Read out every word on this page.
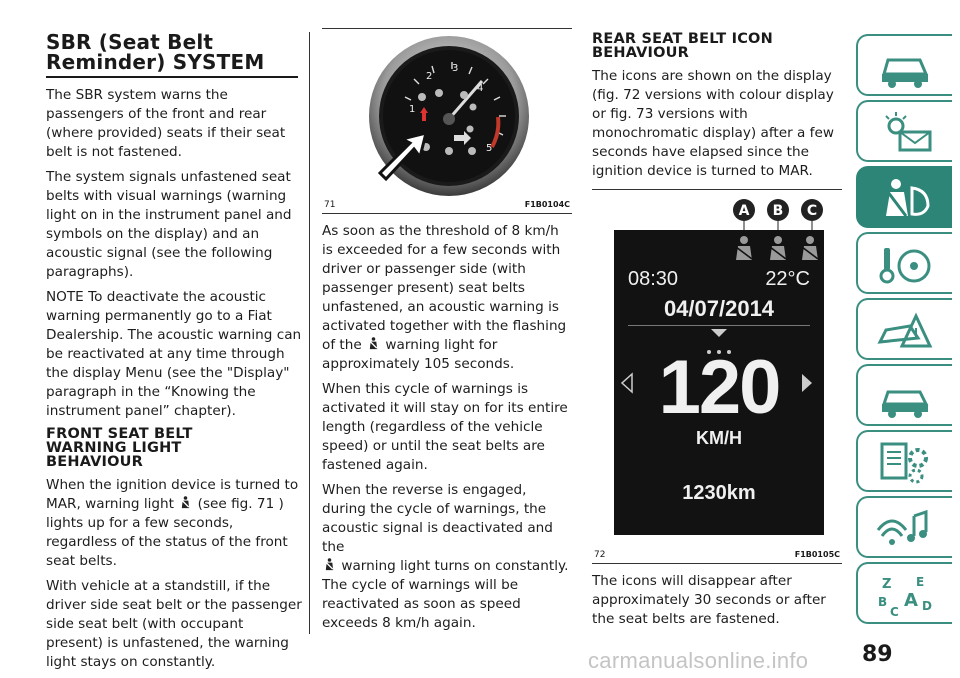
SBR (Seat Belt
Reminder) SYSTEM

The SBR system warns the passengers of the front and rear (where provided) seats if their seat belt is not fastened.

The system signals unfastened seat belts with visual warnings (warning light on in the instrument panel and symbols on the display) and an acoustic signal (see the following paragraphs).

NOTE To deactivate the acoustic warning permanently go to a Fiat Dealership. The acoustic warning can be reactivated at any time through the display Menu (see the "Display" paragraph in the “Knowing the instrument panel” chapter).

FRONT SEAT BELT
WARNING LIGHT
BEHAVIOUR

When the ignition device is turned to MAR, warning light (see fig. 71 ) lights up for a few seconds, regardless of the status of the front seat belts.

With vehicle at a standstill, if the driver side seat belt or the passenger side seat belt (with occupant present) is unfastened, the warning light stays on constantly.

1
2
3
4
5
71	F1B0104C

As soon as the threshold of 8 km/h is exceeded for a few seconds with driver or passenger side (with passenger present) seat belts unfastened, an acoustic warning is activated together with the flashing of the warning light for approximately 105 seconds.

When this cycle of warnings is activated it will stay on for its entire length (regardless of the vehicle speed) or until the seat belts are fastened again.

When the reverse is engaged, during the cycle of warnings, the acoustic signal is deactivated and the
warning light turns on constantly. The cycle of warnings will be reactivated as soon as speed exceeds 8 km/h again.

REAR SEAT BELT ICON
BEHAVIOUR

The icons are shown on the display (fig. 72 versions with colour display or fig. 73 versions with monochromatic display) after a few seconds have elapsed since the ignition device is turned to MAR.

A B C
08:30	22°C
04/07/2014
120
KM/H
1230km
72	F1B0105C

The icons will disappear after approximately 30 seconds or after the seat belts are fastened.

Z E
B A
C D
carmanualsonline.info 89
